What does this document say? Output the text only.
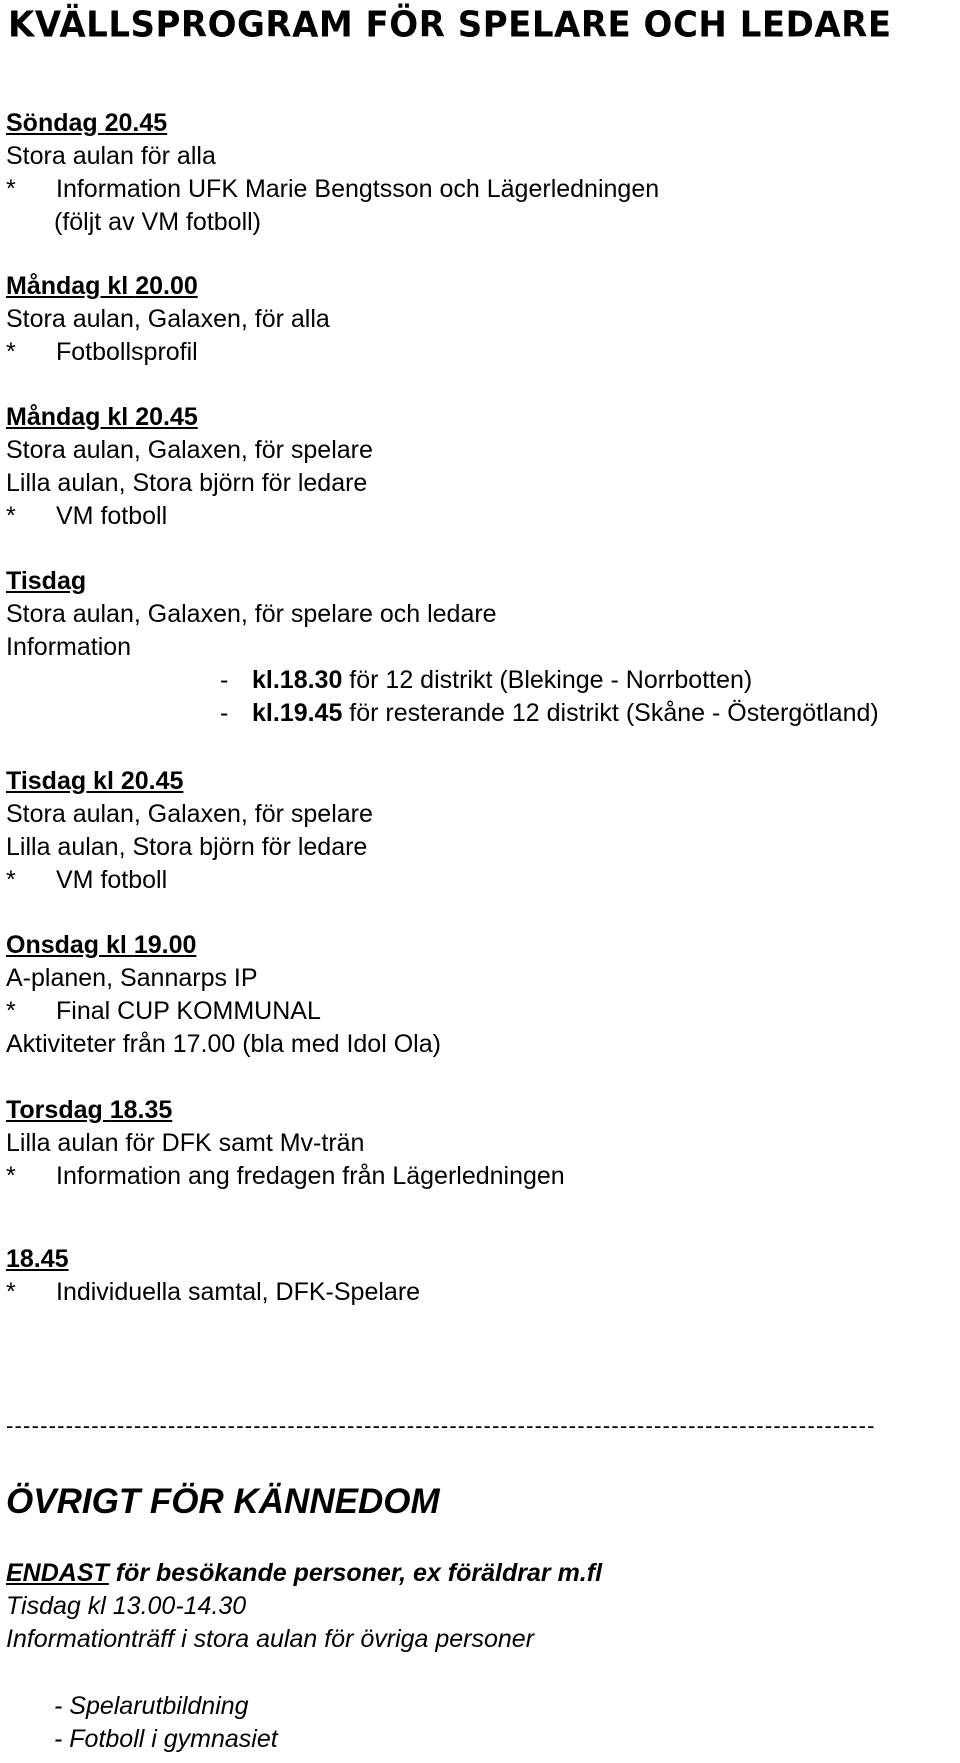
KVÄLLSPROGRAM FÖR SPELARE OCH LEDARE
Söndag 20.45
Stora aulan för alla
* Information UFK Marie Bengtsson och Lägerledningen
(följt av VM fotboll)
Måndag kl 20.00
Stora aulan, Galaxen, för alla
* Fotbollsprofil
Måndag kl 20.45
Stora aulan, Galaxen, för spelare
Lilla aulan, Stora björn för ledare
* VM fotboll
Tisdag
Stora aulan, Galaxen, för spelare och ledare
Information
- kl.18.30 för 12 distrikt (Blekinge - Norrbotten)
- kl.19.45 för resterande 12 distrikt (Skåne - Östergötland)
Tisdag kl 20.45
Stora aulan, Galaxen, för spelare
Lilla aulan, Stora björn för ledare
* VM fotboll
Onsdag kl 19.00
A-planen, Sannarps IP
* Final CUP KOMMUNAL
Aktiviteter från 17.00 (bla med Idol Ola)
Torsdag 18.35
Lilla aulan för DFK samt Mv-trän
* Information ang fredagen från Lägerledningen
18.45
* Individuella samtal, DFK-Spelare
------------------------------------------------------------------------------------------------------
ÖVRIGT FÖR KÄNNEDOM
ENDAST för besökande personer, ex föräldrar m.fl
Tisdag kl 13.00-14.30
Informationträff i stora aulan för övriga personer
- Spelarutbildning
- Fotboll i gymnasiet
